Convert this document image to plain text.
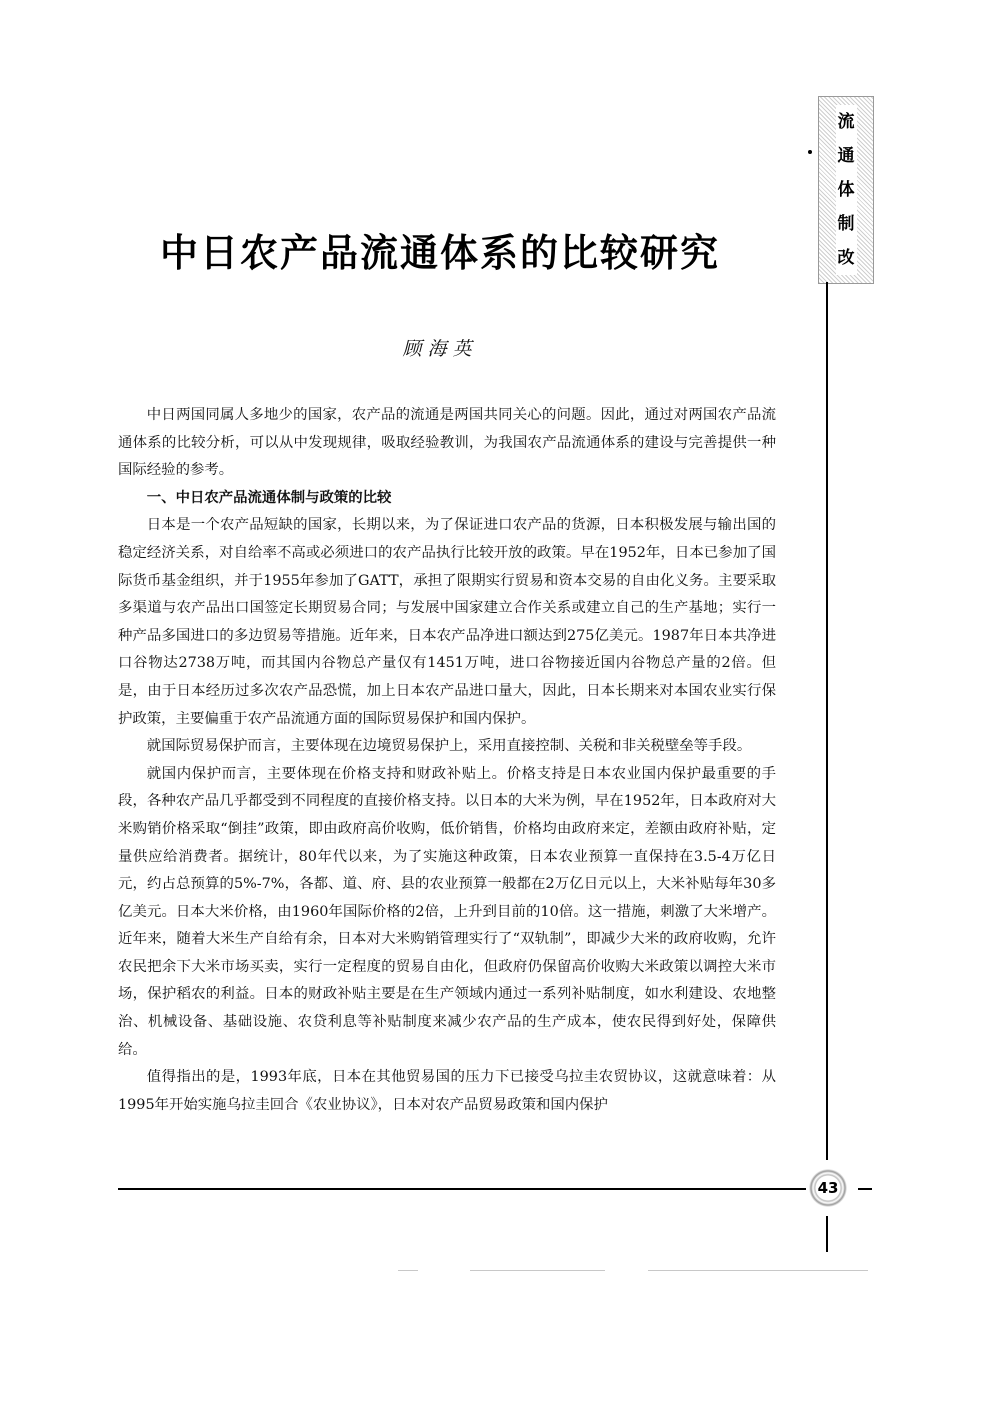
流
通
体
制
改
中日农产品流通体系的比较研究

顾海英

中日两国同属人多地少的国家，农产品的流通是两国共同关心的问题。因此，通过对两国农产品流通体系的比较分析，可以从中发现规律，吸取经验教训，为我国农产品流通体系的建设与完善提供一种国际经验的参考。

一、中日农产品流通体制与政策的比较

日本是一个农产品短缺的国家，长期以来，为了保证进口农产品的货源，日本积极发展与输出国的稳定经济关系，对自给率不高或必须进口的农产品执行比较开放的政策。早在1952年，日本已参加了国际货币基金组织，并于1955年参加了GATT，承担了限期实行贸易和资本交易的自由化义务。主要采取多渠道与农产品出口国签定长期贸易合同；与发展中国家建立合作关系或建立自己的生产基地；实行一种产品多国进口的多边贸易等措施。近年来，日本农产品净进口额达到275亿美元。1987年日本共净进口谷物达2738万吨，而其国内谷物总产量仅有1451万吨，进口谷物接近国内谷物总产量的2倍。但是，由于日本经历过多次农产品恐慌，加上日本农产品进口量大，因此，日本长期来对本国农业实行保护政策，主要偏重于农产品流通方面的国际贸易保护和国内保护。

就国际贸易保护而言，主要体现在边境贸易保护上，采用直接控制、关税和非关税壁垒等手段。

就国内保护而言，主要体现在价格支持和财政补贴上。价格支持是日本农业国内保护最重要的手段，各种农产品几乎都受到不同程度的直接价格支持。以日本的大米为例，早在1952年，日本政府对大米购销价格采取“倒挂”政策，即由政府高价收购，低价销售，价格均由政府来定，差额由政府补贴，定量供应给消费者。据统计，80年代以来，为了实施这种政策，日本农业预算一直保持在3.5-4万亿日元，约占总预算的5%-7%，各都、道、府、县的农业预算一般都在2万亿日元以上，大米补贴每年30多亿美元。日本大米价格，由1960年国际价格的2倍，上升到目前的10倍。这一措施，刺激了大米增产。近年来，随着大米生产自给有余，日本对大米购销管理实行了“双轨制”，即减少大米的政府收购，允许农民把余下大米市场买卖，实行一定程度的贸易自由化，但政府仍保留高价收购大米政策以调控大米市场，保护稻农的利益。日本的财政补贴主要是在生产领域内通过一系列补贴制度，如水利建设、农地整治、机械设备、基础设施、农贷利息等补贴制度来减少农产品的生产成本，使农民得到好处，保障供给。

值得指出的是，1993年底，日本在其他贸易国的压力下已接受乌拉圭农贸协议，这就意味着：从1995年开始实施乌拉圭回合《农业协议》，日本对农产品贸易政策和国内保护

43
